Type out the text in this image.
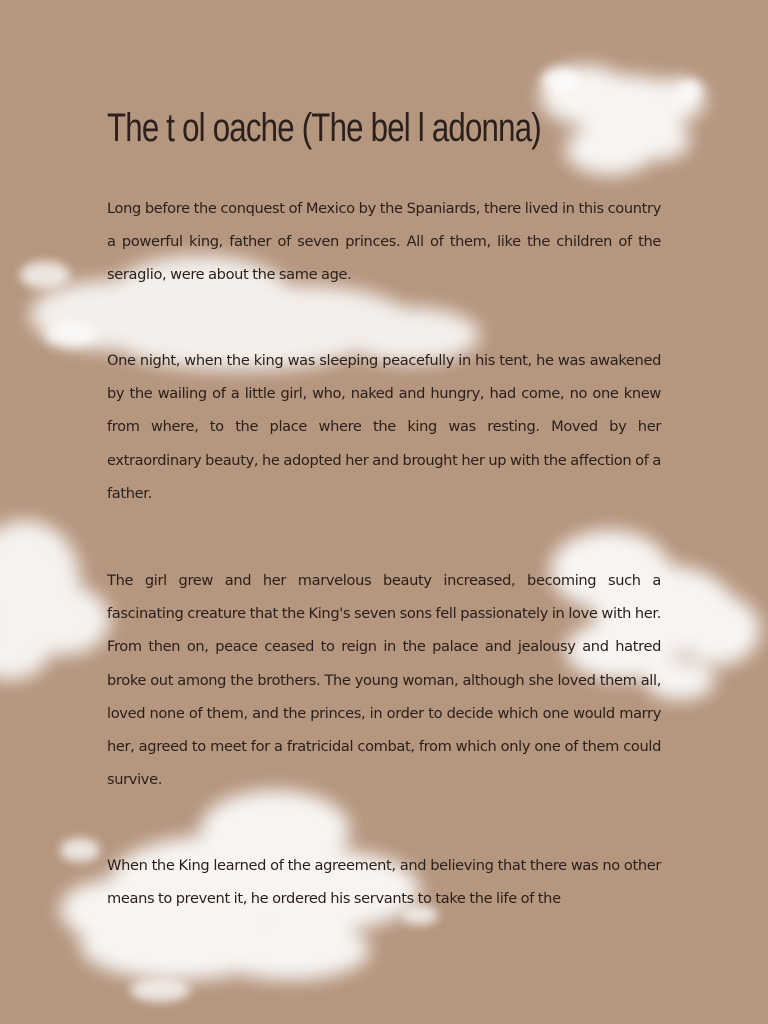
The t ol oache (The bel l adonna)

Long before the conquest of Mexico by the Spaniards, there lived in this country a powerful king, father of seven princes. All of them, like the children of the seraglio, were about the same age.

One night, when the king was sleeping peacefully in his tent, he was awakened by the wailing of a little girl, who, naked and hungry, had come, no one knew from where, to the place where the king was resting. Moved by her extraordinary beauty, he adopted her and brought her up with the affection of a father.

The girl grew and her marvelous beauty increased, becoming such a fascinating creature that the King's seven sons fell passionately in love with her. From then on, peace ceased to reign in the palace and jealousy and hatred broke out among the brothers. The young woman, although she loved them all, loved none of them, and the princes, in order to decide which one would marry her, agreed to meet for a fratricidal combat, from which only one of them could survive.

When the King learned of the agreement, and believing that there was no other means to prevent it, he ordered his servants to take the life of the
